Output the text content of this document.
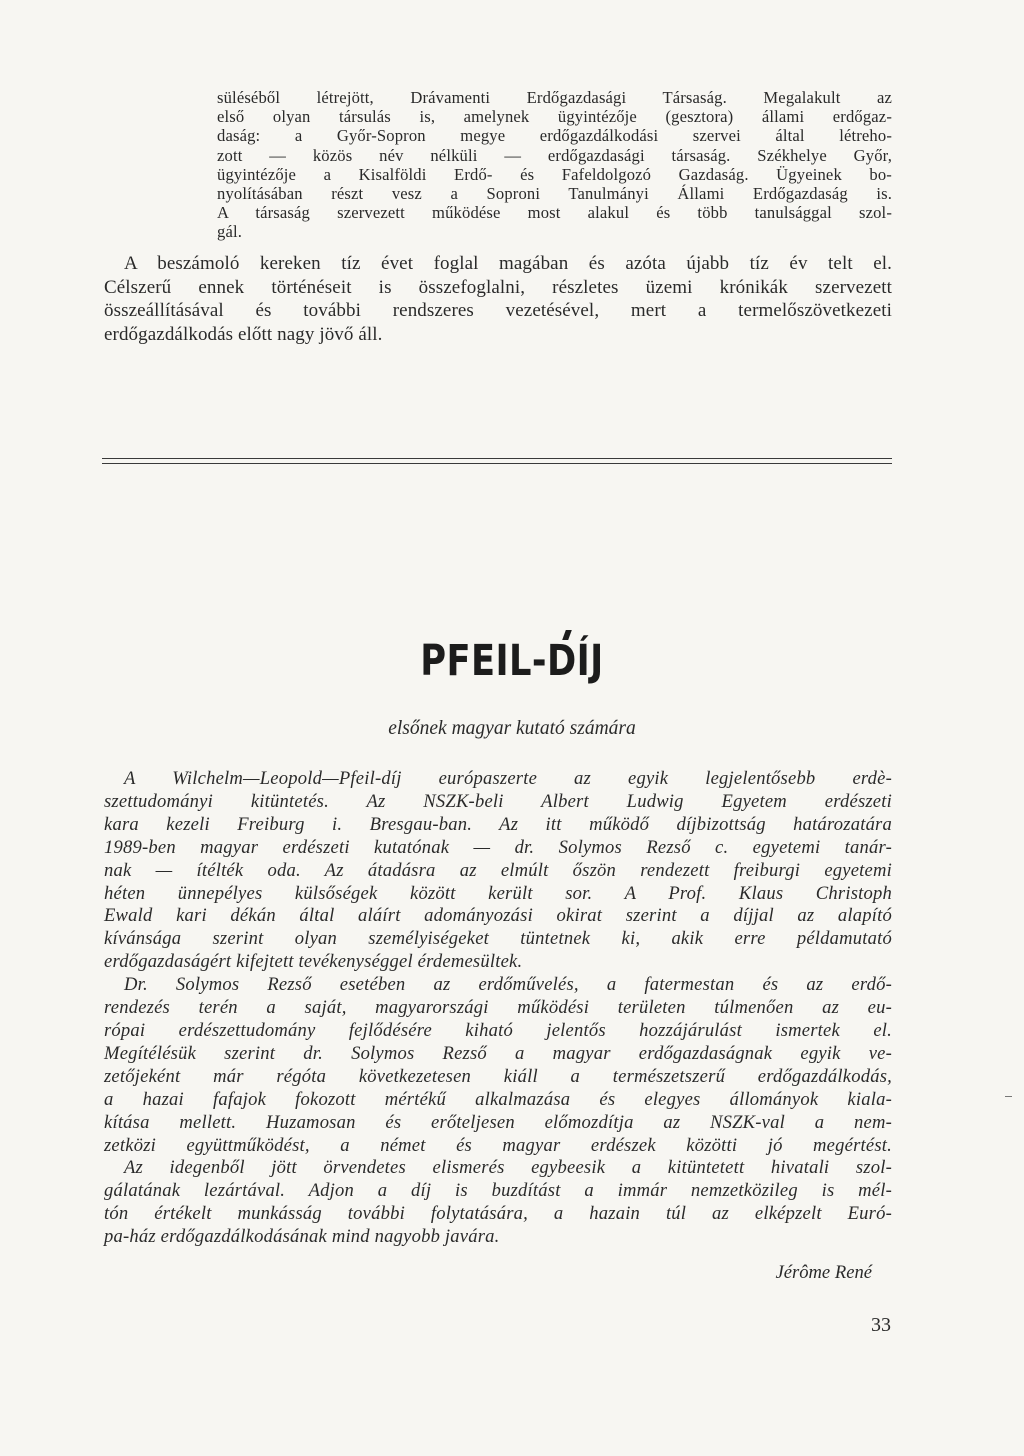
süléséből létrejött, Drávamenti Erdőgazdasági Társaság. Megalakult az
első olyan társulás is, amelynek ügyintézője (gesztora) állami erdőgaz-
daság: a Győr-Sopron megye erdőgazdálkodási szervei által létreho-
zott — közös név nélküli — erdőgazdasági társaság. Székhelye Győr,
ügyintézője a Kisalföldi Erdő- és Fafeldolgozó Gazdaság. Ügyeinek bo-
nyolításában részt vesz a Soproni Tanulmányi Állami Erdőgazdaság is.
A társaság szervezett működése most alakul és több tanulsággal szol-
gál.
A beszámoló kereken tíz évet foglal magában és azóta újabb tíz év telt el.
Célszerű ennek történéseit is összefoglalni, részletes üzemi krónikák szervezett
összeállításával és további rendszeres vezetésével, mert a termelőszövetkezeti
erdőgazdálkodás előtt nagy jövő áll.
PFEIL-DÍJ
elsőnek magyar kutató számára
A Wilchelm—Leopold—Pfeil-díj európaszerte az egyik legjelentősebb erdè-
szettudományi kitüntetés. Az NSZK-beli Albert Ludwig Egyetem erdészeti
kara kezeli Freiburg i. Bresgau-ban. Az itt működő díjbizottság határozatára
1989-ben magyar erdészeti kutatónak — dr. Solymos Rezső c. egyetemi tanár-
nak — ítélték oda. Az átadásra az elmúlt őszön rendezett freiburgi egyetemi
héten ünnepélyes külsőségek között került sor. A Prof. Klaus Christoph
Ewald kari dékán által aláírt adományozási okirat szerint a díjjal az alapító
kívánsága szerint olyan személyiségeket tüntetnek ki, akik erre példamutató
erdőgazdaságért kifejtett tevékenységgel érdemesültek.
Dr. Solymos Rezső esetében az erdőművelés, a fatermestan és az erdő-
rendezés terén a saját, magyarországi működési területen túlmenően az eu-
rópai erdészettudomány fejlődésére kiható jelentős hozzájárulást ismertek el.
Megítélésük szerint dr. Solymos Rezső a magyar erdőgazdaságnak egyik ve-
zetőjeként már régóta következetesen kiáll a természetszerű erdőgazdálkodás,
a hazai fafajok fokozott mértékű alkalmazása és elegyes állományok kiala-
kítása mellett. Huzamosan és erőteljesen előmozdítja az NSZK-val a nem-
zetközi együttműködést, a német és magyar erdészek közötti jó megértést.
Az idegenből jött örvendetes elismerés egybeesik a kitüntetett hivatali szol-
gálatának lezártával. Adjon a díj is buzdítást a immár nemzetközileg is mél-
tón értékelt munkásság további folytatására, a hazain túl az elképzelt Euró-
pa-ház erdőgazdálkodásának mind nagyobb javára.
Jérôme René
33
